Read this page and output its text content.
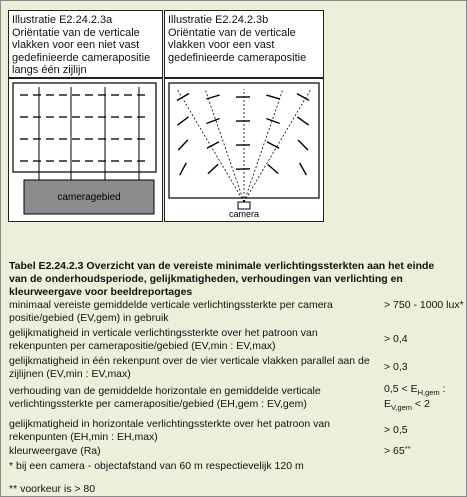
Illustratie E2.24.2.3a
Oriëntatie van de verticale vlakken voor een niet vast gedefinieerde camerapositie langs één zijlijn
Illustratie E2.24.2.3b
Oriëntatie van de verticale vlakken voor een vast gedefinieerde camerapositie
cameragebied
camera
Tabel E2.24.2.3 Overzicht van de vereiste minimale verlichtingssterkten aan het einde van de onderhoudsperiode, gelijkmatigheden, verhoudingen van verlichting en kleurweergave voor beeldreportages
minimaal vereiste gemiddelde verticale verlichtingssterkte per camera positie/gebied (EV,gem) in gebruik
> 750 - 1000 lux*
gelijkmatigheid in verticale verlichtingssterkte over het patroon van rekenpunten per camerapositie/gebied (EV,min : EV,max)
> 0,4
gelijkmatigheid in één rekenpunt over de vier verticale vlakken parallel aan de zijlijnen (EV,min : EV,max)
> 0,3
verhouding van de gemiddelde horizontale en gemiddelde verticale verlichtingssterkte per camerapositie/gebied (EH,gem : EV,gem)
$0,5 < E_{H,gem}$ :
$E_{V,gem} < 2$
gelijkmatigheid in horizontale verlichtingssterkte over het patroon van rekenpunten (EH,min : EH,max)
> 0,5
kleurweergave (Ra)	> 65**
* bij een camera - objectafstand van 60 m respectievelijk 120 m
** voorkeur is > 80
